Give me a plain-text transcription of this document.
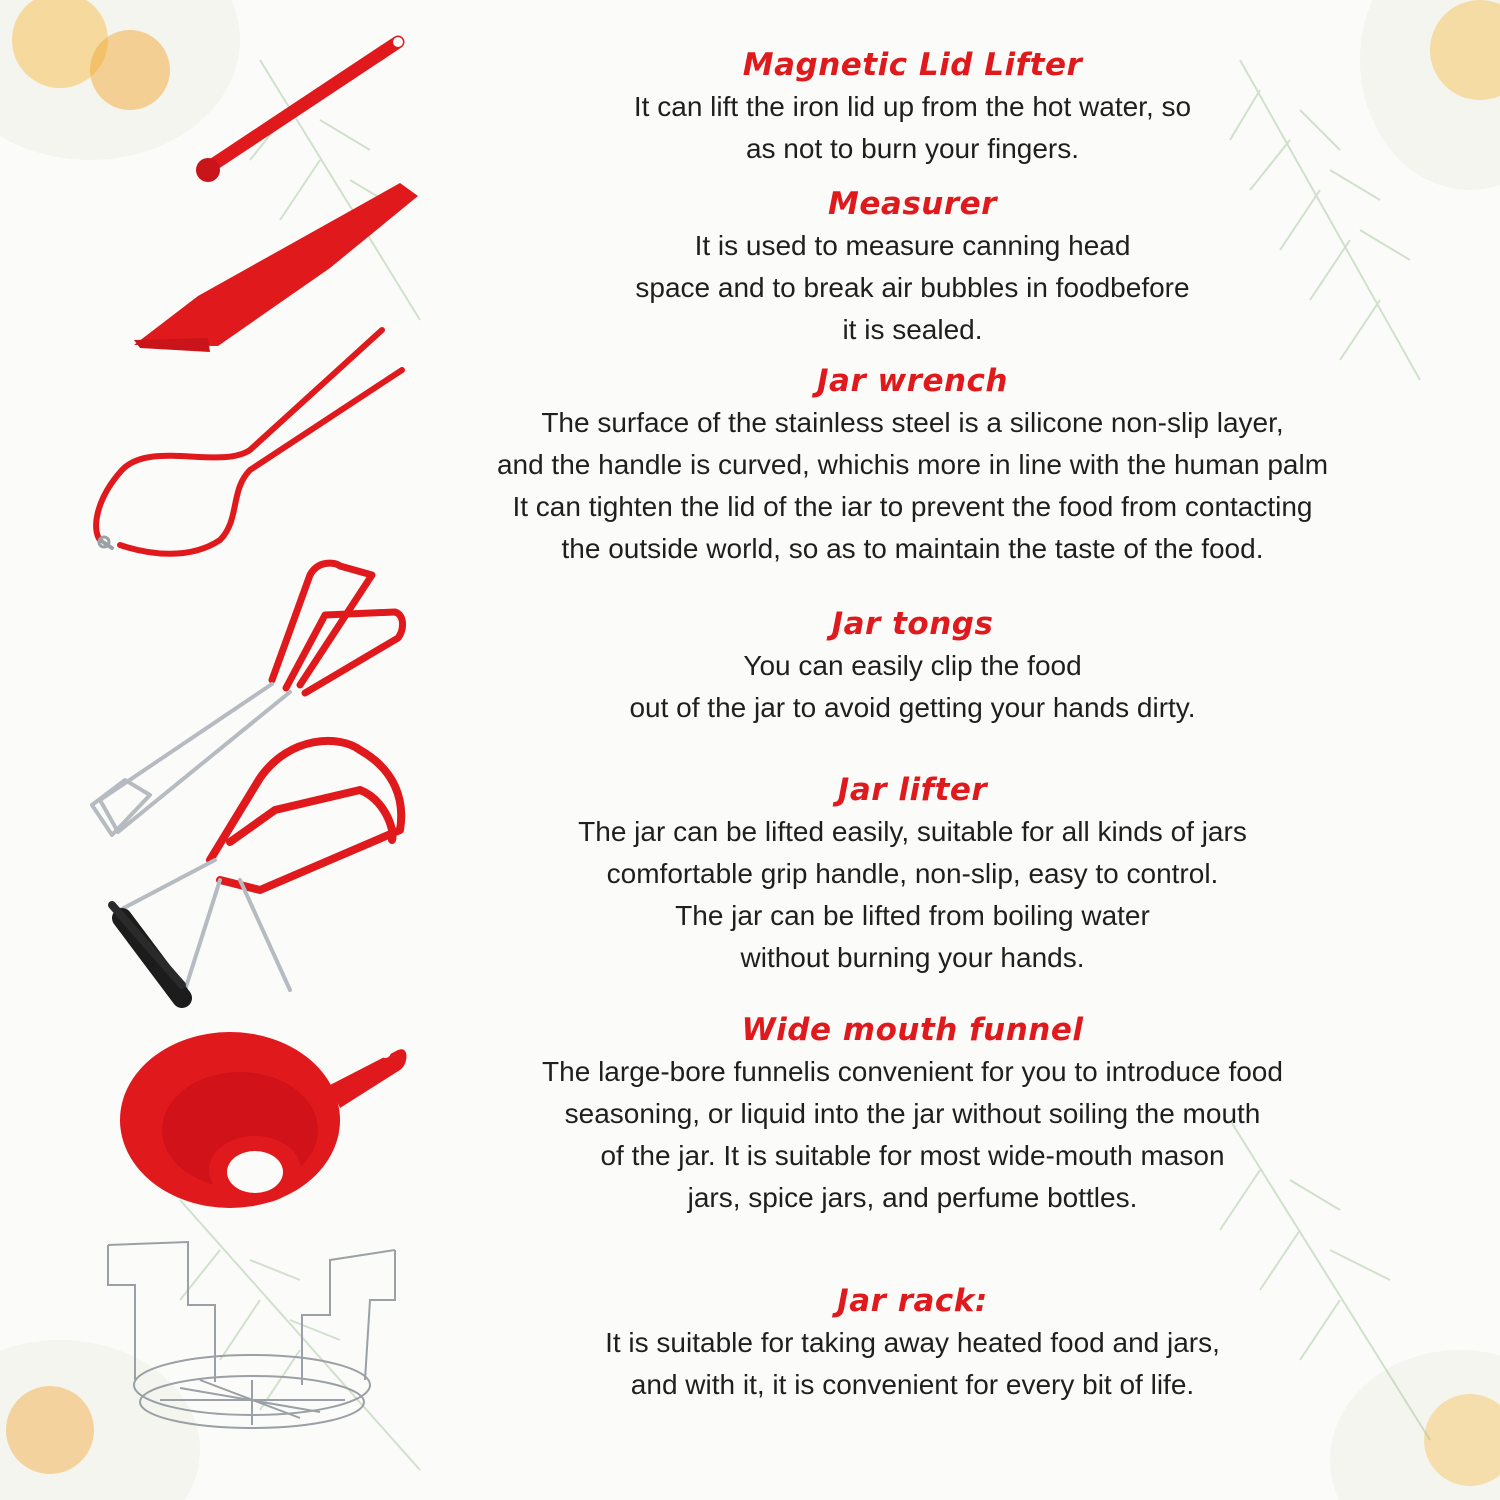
Magnetic Lid Lifter
It can lift the iron lid up from the hot water, so
as not to burn your fingers.
Measurer
It is used to measure canning head
space and to break air bubbles in foodbefore
it is sealed.
Jar wrench
The surface of the stainless steel is a silicone non-slip layer,
and the handle is curved, whichis more in line with the human palm
It can tighten the lid of the iar to prevent the food from contacting
the outside world, so as to maintain the taste of the food.
Jar tongs
You can easily clip the food
out of the jar to avoid getting your hands dirty.
Jar lifter
The jar can be lifted easily, suitable for all kinds of jars
comfortable grip handle, non-slip, easy to control.
The jar can be lifted from boiling water
without burning your hands.
Wide mouth funnel
The large-bore funnelis convenient for you to introduce food
seasoning, or liquid into the jar without soiling the mouth
of the jar. It is suitable for most wide-mouth mason
jars, spice jars, and perfume bottles.
Jar rack:
It is suitable for taking away heated food and jars,
and with it, it is convenient for every bit of life.
